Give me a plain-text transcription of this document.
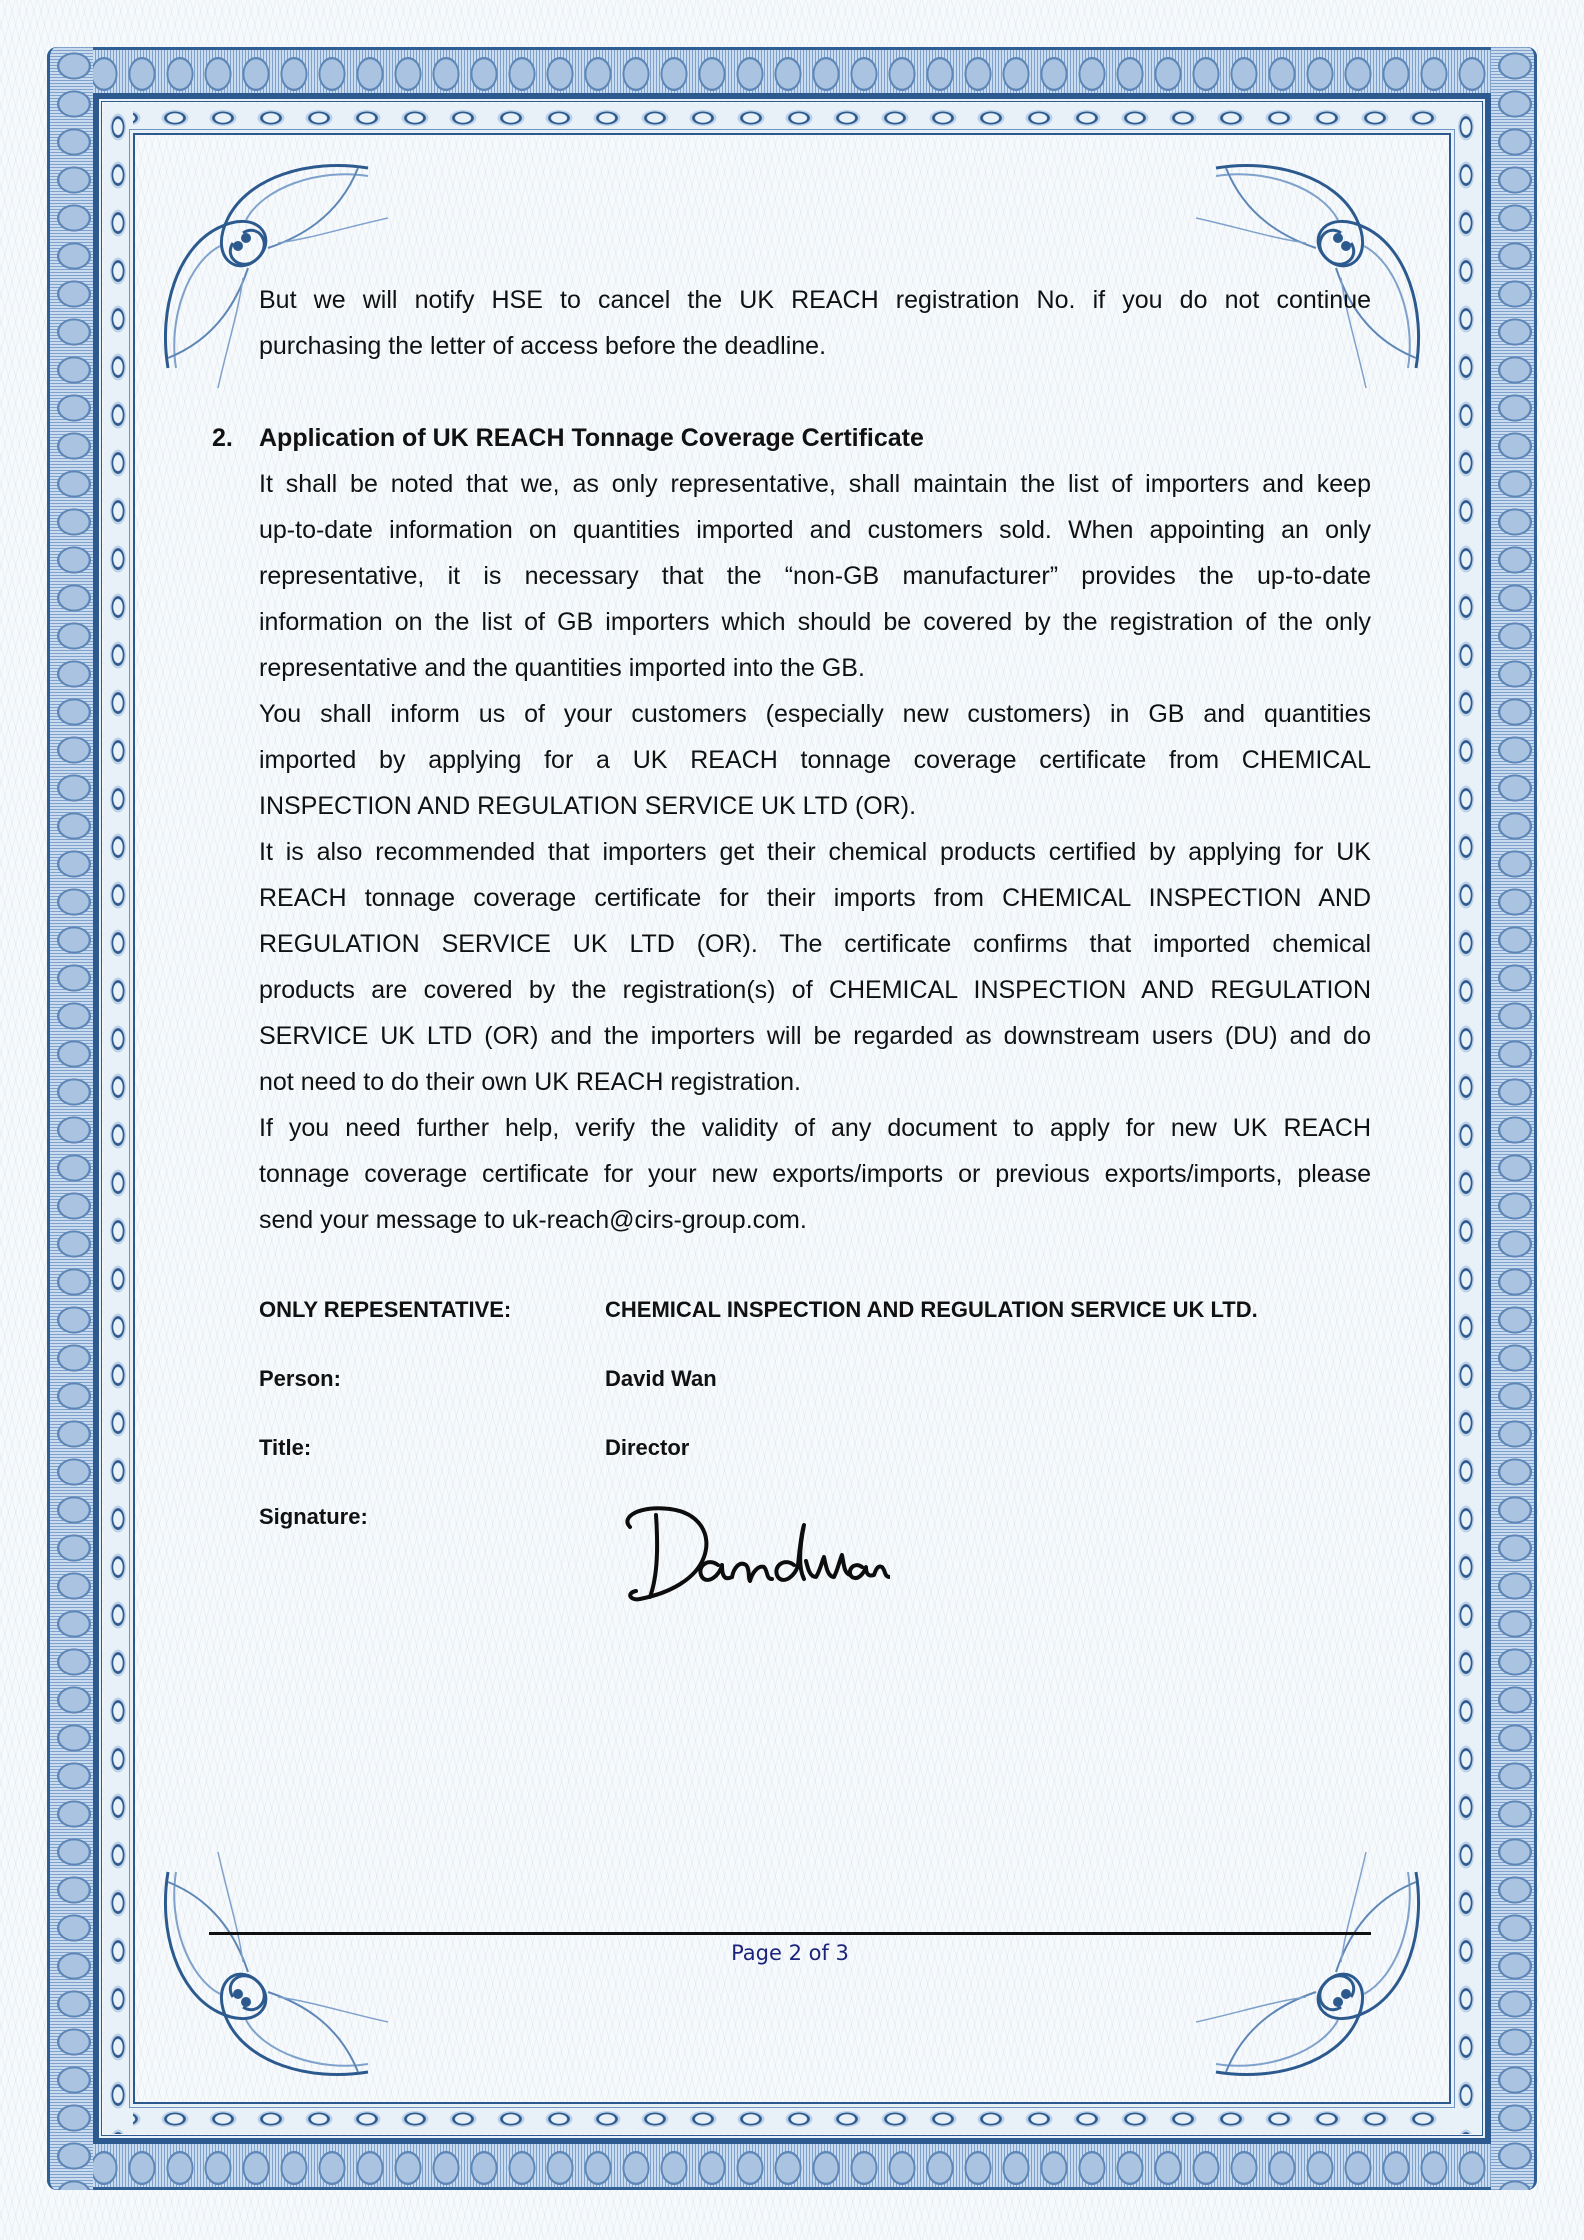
But we will notify HSE to cancel the UK REACH registration No. if you do not continue
purchasing the letter of access before the deadline.
2. Application of UK REACH Tonnage Coverage Certificate
It shall be noted that we, as only representative, shall maintain the list of importers and keep
up-to-date information on quantities imported and customers sold. When appointing an only
representative, it is necessary that the “non-GB manufacturer” provides the up-to-date
information on the list of GB importers which should be covered by the registration of the only
representative and the quantities imported into the GB.
You shall inform us of your customers (especially new customers) in GB and quantities
imported by applying for a UK REACH tonnage coverage certificate from CHEMICAL
INSPECTION AND REGULATION SERVICE UK LTD (OR).
It is also recommended that importers get their chemical products certified by applying for UK
REACH tonnage coverage certificate for their imports from CHEMICAL INSPECTION AND
REGULATION SERVICE UK LTD (OR). The certificate confirms that imported chemical
products are covered by the registration(s) of CHEMICAL INSPECTION AND REGULATION
SERVICE UK LTD (OR) and the importers will be regarded as downstream users (DU) and do
not need to do their own UK REACH registration.
If you need further help, verify the validity of any document to apply for new UK REACH
tonnage coverage certificate for your new exports/imports or previous exports/imports, please
send your message to uk-reach@cirs-group.com.
ONLY REPESENTATIVE:	CHEMICAL INSPECTION AND REGULATION SERVICE UK LTD.
Person:	David Wan
Title:	Director
Signature:
Page 2 of 3
